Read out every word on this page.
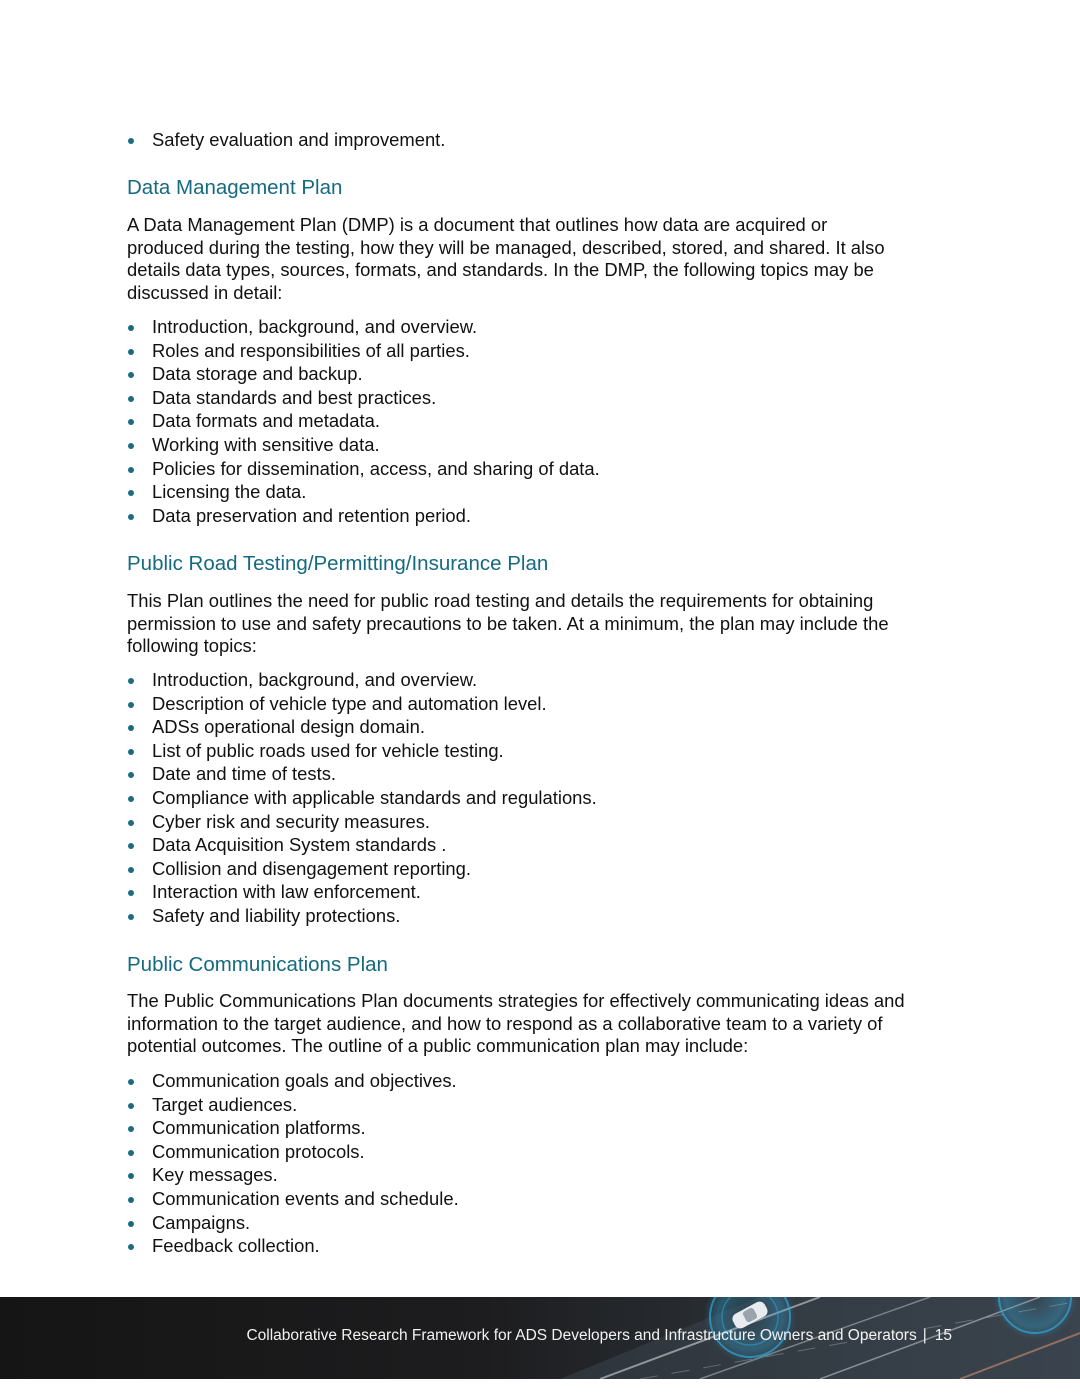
Safety evaluation and improvement.
Data Management Plan

A Data Management Plan (DMP) is a document that outlines how data are acquired or
produced during the testing, how they will be managed, described, stored, and shared. It also
details data types, sources, formats, and standards. In the DMP, the following topics may be
discussed in detail:

Introduction, background, and overview.
Roles and responsibilities of all parties.
Data storage and backup.
Data standards and best practices.
Data formats and metadata.
Working with sensitive data.
Policies for dissemination, access, and sharing of data.
Licensing the data.
Data preservation and retention period.
Public Road Testing/Permitting/Insurance Plan

This Plan outlines the need for public road testing and details the requirements for obtaining
permission to use and safety precautions to be taken. At a minimum, the plan may include the
following topics:

Introduction, background, and overview.
Description of vehicle type and automation level.
ADSs operational design domain.
List of public roads used for vehicle testing.
Date and time of tests.
Compliance with applicable standards and regulations.
Cyber risk and security measures.
Data Acquisition System standards .
Collision and disengagement reporting.
Interaction with law enforcement.
Safety and liability protections.
Public Communications Plan

The Public Communications Plan documents strategies for effectively communicating ideas and
information to the target audience, and how to respond as a collaborative team to a variety of
potential outcomes. The outline of a public communication plan may include:

Communication goals and objectives.
Target audiences.
Communication platforms.
Communication protocols.
Key messages.
Communication events and schedule.
Campaigns.
Feedback collection.
Collaborative Research Framework for ADS Developers and Infrastructure Owners and Operators | 15
